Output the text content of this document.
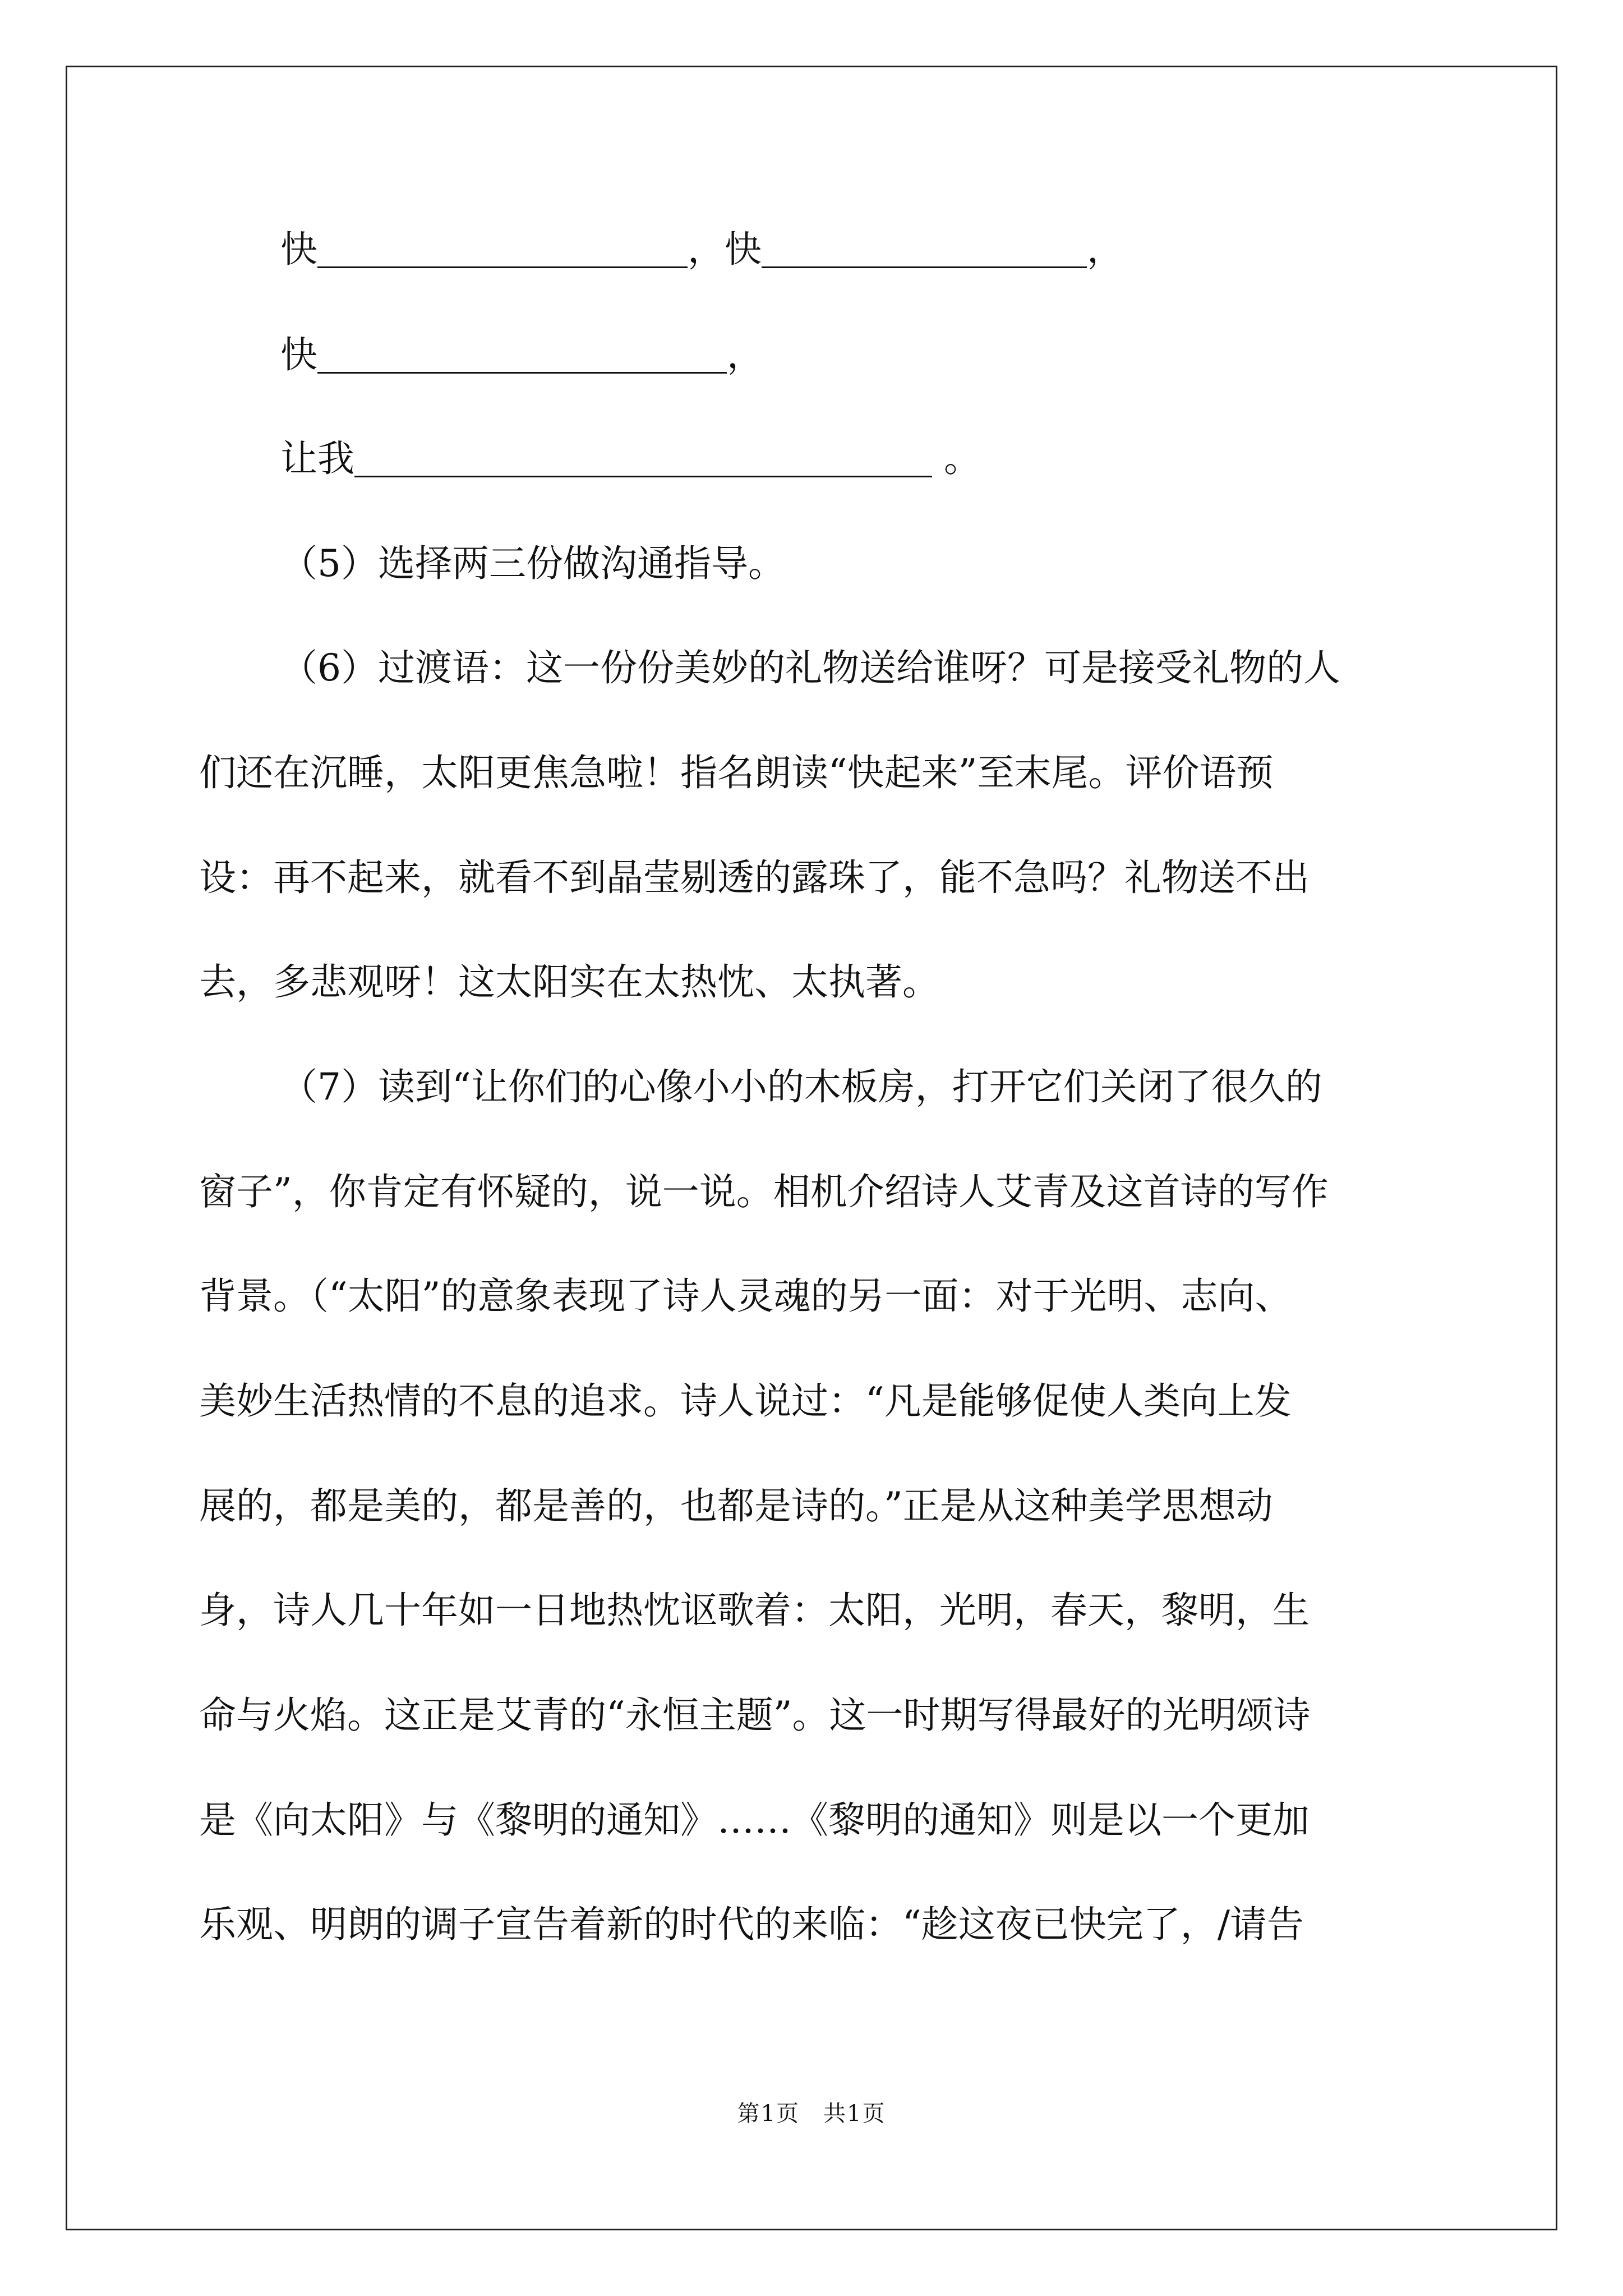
快	，快	，
快	，
让我	。
（5）选择两三份做沟通指导。
（6）过渡语：这一份份美妙的礼物送给谁呀？可是接受礼物的人
们还在沉睡，太阳更焦急啦！指名朗读“快起来”至末尾。评价语预
设：再不起来，就看不到晶莹剔透的露珠了，能不急吗？礼物送不出
去，多悲观呀！这太阳实在太热忱、太执著。
（7）读到“让你们的心像小小的木板房，打开它们关闭了很久的
窗子”，你肯定有怀疑的，说一说。相机介绍诗人艾青及这首诗的写作
背景。（“太阳”的意象表现了诗人灵魂的另一面：对于光明、志向、
美妙生活热情的不息的追求。诗人说过：“凡是能够促使人类向上发
展的，都是美的，都是善的，也都是诗的。”正是从这种美学思想动
身，诗人几十年如一日地热忱讴歌着：太阳，光明，春天，黎明，生
命与火焰。这正是艾青的“永恒主题”。这一时期写得最好的光明颂诗
是《向太阳》与《黎明的通知》……《黎明的通知》则是以一个更加
乐观、明朗的调子宣告着新的时代的来临：“趁这夜已快完了，/请告
第1页　共1页
